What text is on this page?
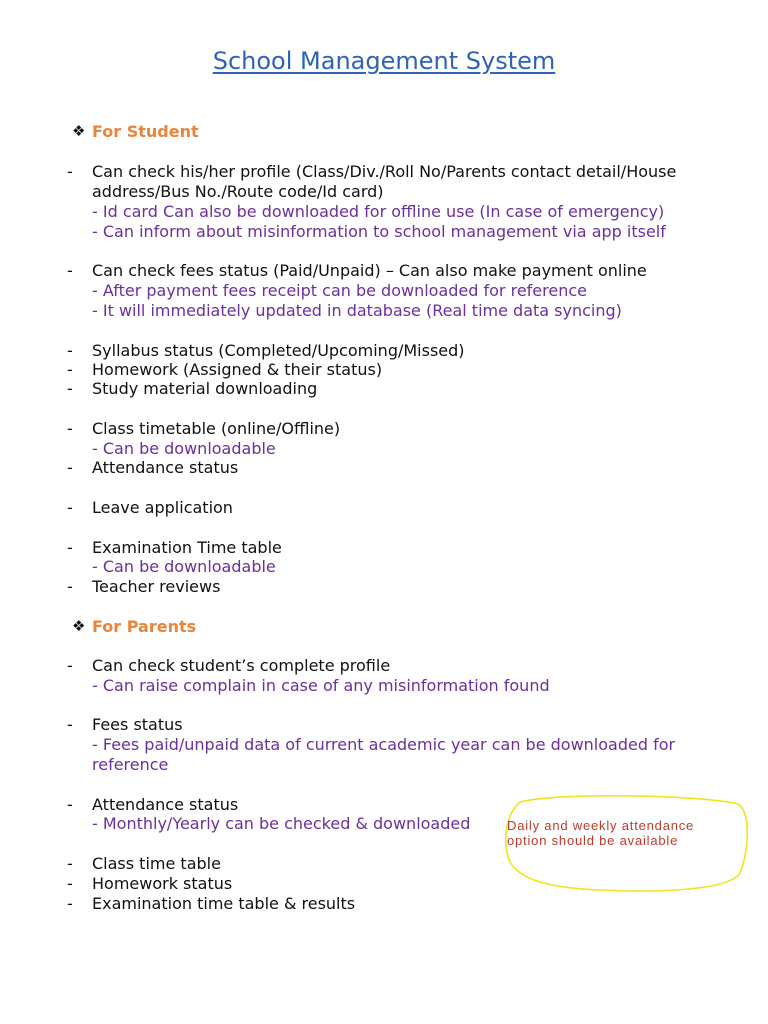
School Management System
❖ For Student
- Can check his/her profile (Class/Div./Roll No/Parents contact detail/House
address/Bus No./Route code/Id card)
- Id card Can also be downloaded for offline use (In case of emergency)
- Can inform about misinformation to school management via app itself
- Can check fees status (Paid/Unpaid) – Can also make payment online
- After payment fees receipt can be downloaded for reference
- It will immediately updated in database (Real time data syncing)
- Syllabus status (Completed/Upcoming/Missed)
- Homework (Assigned & their status)
- Study material downloading
- Class timetable (online/Offline)
- Can be downloadable
- Attendance status
- Leave application
- Examination Time table
- Can be downloadable
- Teacher reviews
❖ For Parents
- Can check student’s complete profile
- Can raise complain in case of any misinformation found
- Fees status
- Fees paid/unpaid data of current academic year can be downloaded for
reference
- Attendance status
- Monthly/Yearly can be checked & downloaded
- Class time table
- Homework status
- Examination time table & results
Daily and weekly attendance
option should be available
